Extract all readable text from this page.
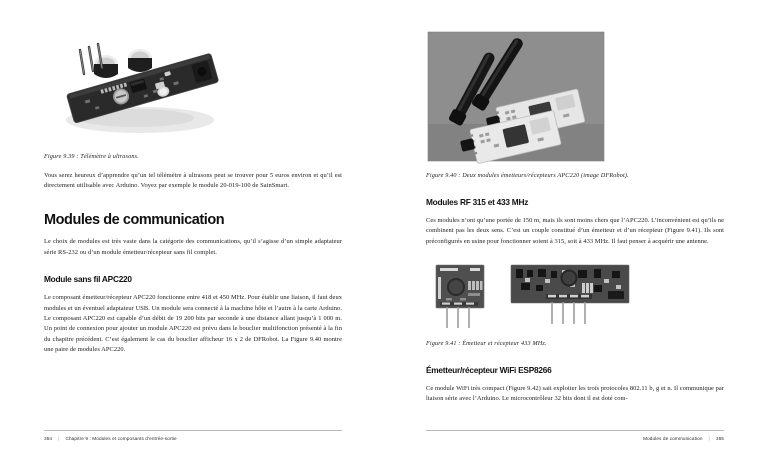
Figure 9.39 : Télémètre à ultrasons.

Vous serez heureux d’apprendre qu’un tel télémètre à ultrasons peut se trouver pour 5 euros environ et qu’il est directement utilisable avec Arduino. Voyez par exemple le module 20-019-100 de SainSmart.

Modules de communication

Le choix de modules est très vaste dans la catégorie des communications, qu’il s’agisse d’un simple adaptateur série RS-232 ou d’un module émetteur/récepteur sans fil complet.

Module sans fil APC220

Le composant émetteur/récepteur APC220 fonctionne entre 418 et 450 MHz. Pour établir une liaison, il faut deux modules et un éventuel adaptateur USB. Un module sera connecté à la machine hôte et l’autre à la carte Arduino. Le composant APC220 est capable d’un débit de 19 200 bits par seconde à une distance allant jusqu’à 1 000 m. Un point de connexion pour ajouter un module APC220 est prévu dans le bouclier multifonction présenté à la fin du chapitre précédent. C’est également le cas du bouclier afficheur 16 x 2 de DFRobot. La Figure 9.40 montre une paire de modules APC220.

354 | Chapitre 9 : Modules et composants d’entrée-sortie
Figure 9.40 : Deux modules émetteurs/récepteurs APC220 (image DFRobot).
Modules RF 315 et 433 MHz

Ces modules n’ont qu’une portée de 150 m, mais ils sont moins chers que l’APC220. L’inconvénient est qu’ils ne combinent pas les deux sens. C’est un couple constitué d’un émetteur et d’un récepteur (Figure 9.41). Ils sont préconfigurés en usine pour fonctionner soient à 315, soit à 433 MHz. Il faut penser à acquérir une antenne.

Figure 9.41 : Émetteur et récepteur 433 MHz.
Émetteur/récepteur WiFi ESP8266

Ce module WiFi très compact (Figure 9.42) sait exploiter les trois protocoles 802.11 b, g et n. Il communique par liaison série avec l’Arduino. Le microcontrôleur 32 bits dont il est doté com-

Modules de communication | 355
